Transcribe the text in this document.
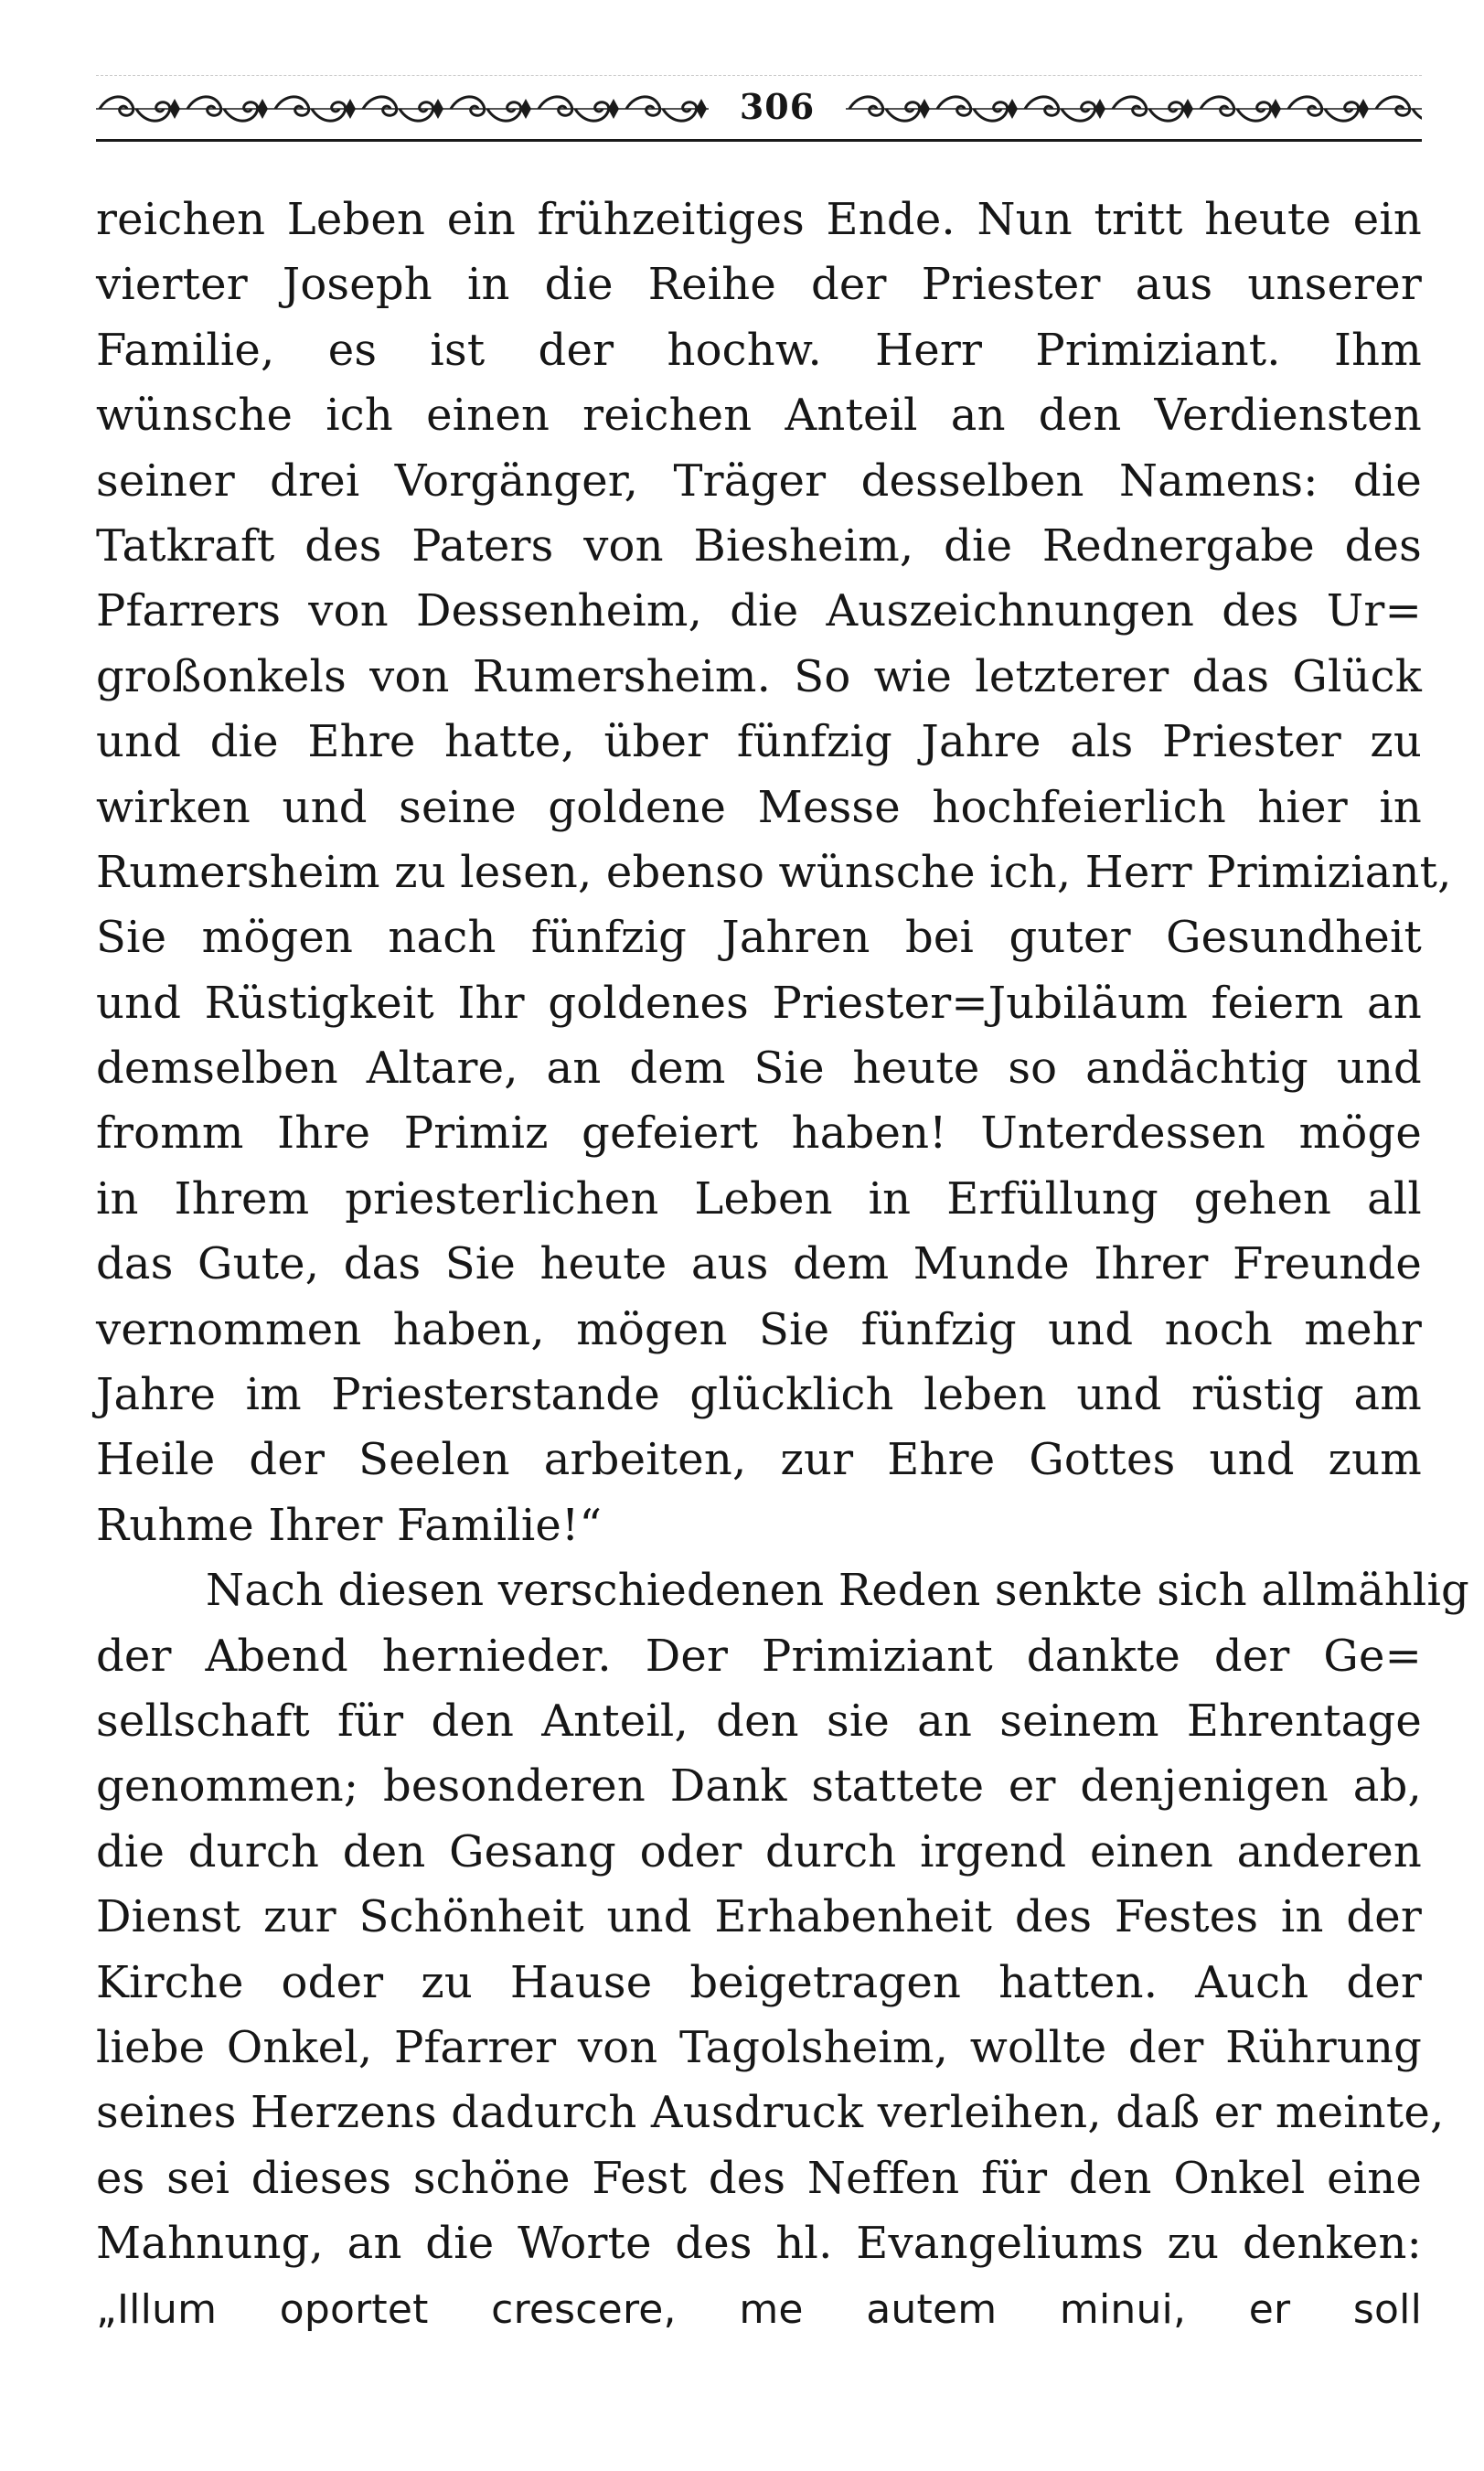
306
reichen Leben ein frühzeitiges Ende. Nun tritt heute ein
vierter Joseph in die Reihe der Priester aus unserer
Familie, es ist der hochw. Herr Primiziant. Ihm
wünsche ich einen reichen Anteil an den Verdiensten
seiner drei Vorgänger, Träger desselben Namens: die
Tatkraft des Paters von Biesheim, die Rednergabe des
Pfarrers von Dessenheim, die Auszeichnungen des Ur=
großonkels von Rumersheim. So wie letzterer das Glück
und die Ehre hatte, über fünfzig Jahre als Priester zu
wirken und seine goldene Messe hochfeierlich hier in
Rumersheim zu lesen, ebenso wünsche ich, Herr Primiziant,
Sie mögen nach fünfzig Jahren bei guter Gesundheit
und Rüstigkeit Ihr goldenes Priester=Jubiläum feiern an
demselben Altare, an dem Sie heute so andächtig und
fromm Ihre Primiz gefeiert haben! Unterdessen möge
in Ihrem priesterlichen Leben in Erfüllung gehen all
das Gute, das Sie heute aus dem Munde Ihrer Freunde
vernommen haben, mögen Sie fünfzig und noch mehr
Jahre im Priesterstande glücklich leben und rüstig am
Heile der Seelen arbeiten, zur Ehre Gottes und zum
Ruhme Ihrer Familie!“
Nach diesen verschiedenen Reden senkte sich allmählig
der Abend hernieder. Der Primiziant dankte der Ge=
sellschaft für den Anteil, den sie an seinem Ehrentage
genommen; besonderen Dank stattete er denjenigen ab,
die durch den Gesang oder durch irgend einen anderen
Dienst zur Schönheit und Erhabenheit des Festes in der
Kirche oder zu Hause beigetragen hatten. Auch der
liebe Onkel, Pfarrer von Tagolsheim, wollte der Rührung
seines Herzens dadurch Ausdruck verleihen, daß er meinte,
es sei dieses schöne Fest des Neffen für den Onkel eine
Mahnung, an die Worte des hl. Evangeliums zu denken:
„Illum oportet crescere, me autem minui, er soll
